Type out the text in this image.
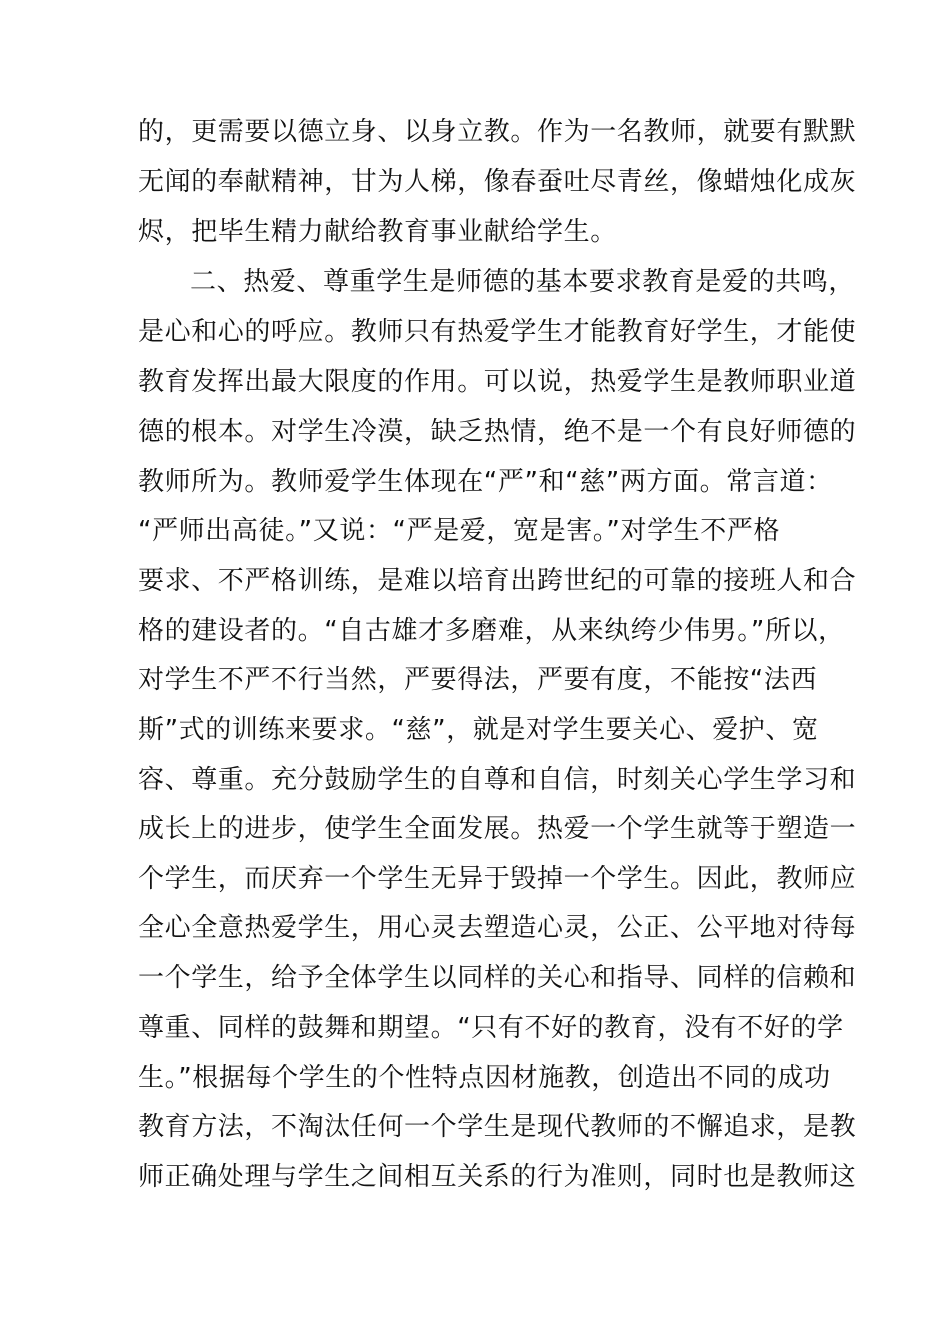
的，更需要以德立身、以身立教。作为一名教师，就要有默默
无闻的奉献精神，甘为人梯，像春蚕吐尽青丝，像蜡烛化成灰
烬，把毕生精力献给教育事业献给学生。
二、热爱、尊重学生是师德的基本要求教育是爱的共鸣，
是心和心的呼应。教师只有热爱学生才能教育好学生，才能使
教育发挥出最大限度的作用。可以说，热爱学生是教师职业道
德的根本。对学生冷漠，缺乏热情，绝不是一个有良好师德的
教师所为。教师爱学生体现在“严”和“慈”两方面。常言道：
“严师出高徒。”又说：“严是爱，宽是害。”对学生不严格
要求、不严格训练，是难以培育出跨世纪的可靠的接班人和合
格的建设者的。“自古雄才多磨难，从来纨绔少伟男。”所以，
对学生不严不行当然，严要得法，严要有度，不能按“法西
斯”式的训练来要求。“慈”，就是对学生要关心、爱护、宽
容、尊重。充分鼓励学生的自尊和自信，时刻关心学生学习和
成长上的进步，使学生全面发展。热爱一个学生就等于塑造一
个学生，而厌弃一个学生无异于毁掉一个学生。因此，教师应
全心全意热爱学生，用心灵去塑造心灵，公正、公平地对待每
一个学生，给予全体学生以同样的关心和指导、同样的信赖和
尊重、同样的鼓舞和期望。“只有不好的教育，没有不好的学
生。”根据每个学生的个性特点因材施教，创造出不同的成功
教育方法，不淘汰任何一个学生是现代教师的不懈追求，是教
师正确处理与学生之间相互关系的行为准则，同时也是教师这
